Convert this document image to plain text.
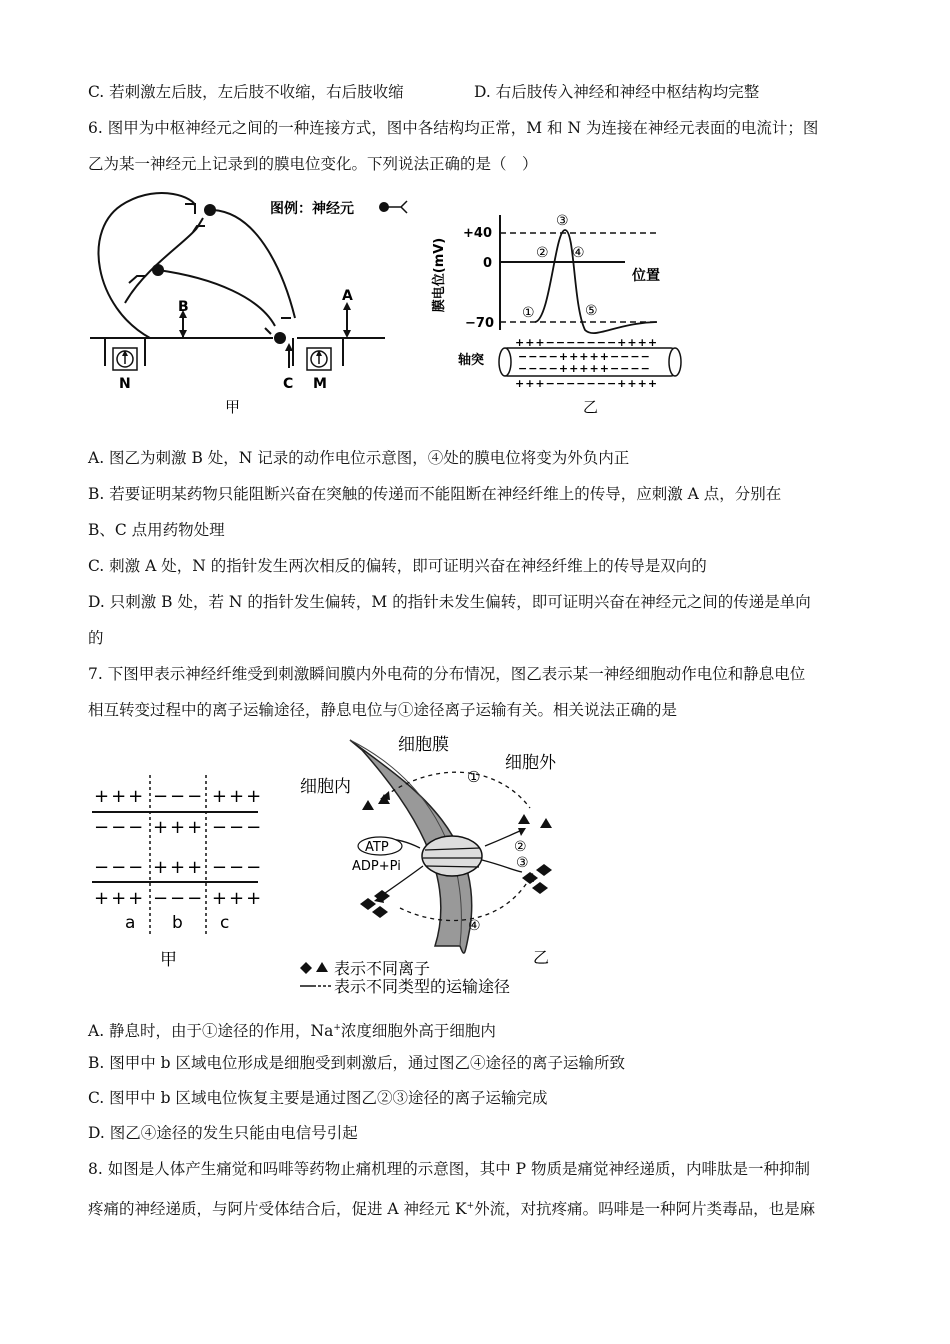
C. 若刺激左后肢，左后肢不收缩，右后肢收缩	D. 右后肢传入神经和神经中枢结构均完整
6. 图甲为中枢神经元之间的一种连接方式，图中各结构均正常，M 和 N 为连接在神经元表面的电流计；图
乙为某一神经元上记录到的膜电位变化。下列说法正确的是（　）
图例：神经元
B
A
C
N	M
甲
膜电位(mV)
+40
0
−70
位置
①
②
③
④
⑤
轴突
+++−−−−−−−++++
−−−−+++++−−−−
−−−−+++++−−−−
+++−−−−−−−++++
乙
A. 图乙为刺激 B 处，N 记录的动作电位示意图，④处的膜电位将变为外负内正
B. 若要证明某药物只能阻断兴奋在突触的传递而不能阻断在神经纤维上的传导，应刺激 A 点，分别在
B、C 点用药物处理
C. 刺激 A 处，N 的指针发生两次相反的偏转，即可证明兴奋在神经纤维上的传导是双向的
D. 只刺激 B 处，若 N 的指针发生偏转，M 的指针未发生偏转，即可证明兴奋在神经元之间的传递是单向
的
7. 下图甲表示神经纤维受到刺激瞬间膜内外电荷的分布情况，图乙表示某一神经细胞动作电位和静息电位
相互转变过程中的离子运输途径，静息电位与①途径离子运输有关。相关说法正确的是
+++ −−− +++
−−− +++ −−−
−−− +++ −−−
+++ −−− +++
a b c
甲
ATP
ADP+Pi
细胞膜
细胞内
细胞外
①
②
③
④
乙
表示不同离子
表示不同类型的运输途径
A. 静息时，由于①途径的作用，Na+浓度细胞外高于细胞内
B. 图甲中 b 区域电位形成是细胞受到刺激后，通过图乙④途径的离子运输所致
C. 图甲中 b 区域电位恢复主要是通过图乙②③途径的离子运输完成
D. 图乙④途径的发生只能由电信号引起
8. 如图是人体产生痛觉和吗啡等药物止痛机理的示意图，其中 P 物质是痛觉神经递质，内啡肽是一种抑制
疼痛的神经递质，与阿片受体结合后，促进 A 神经元 K+外流，对抗疼痛。吗啡是一种阿片类毒品，也是麻
